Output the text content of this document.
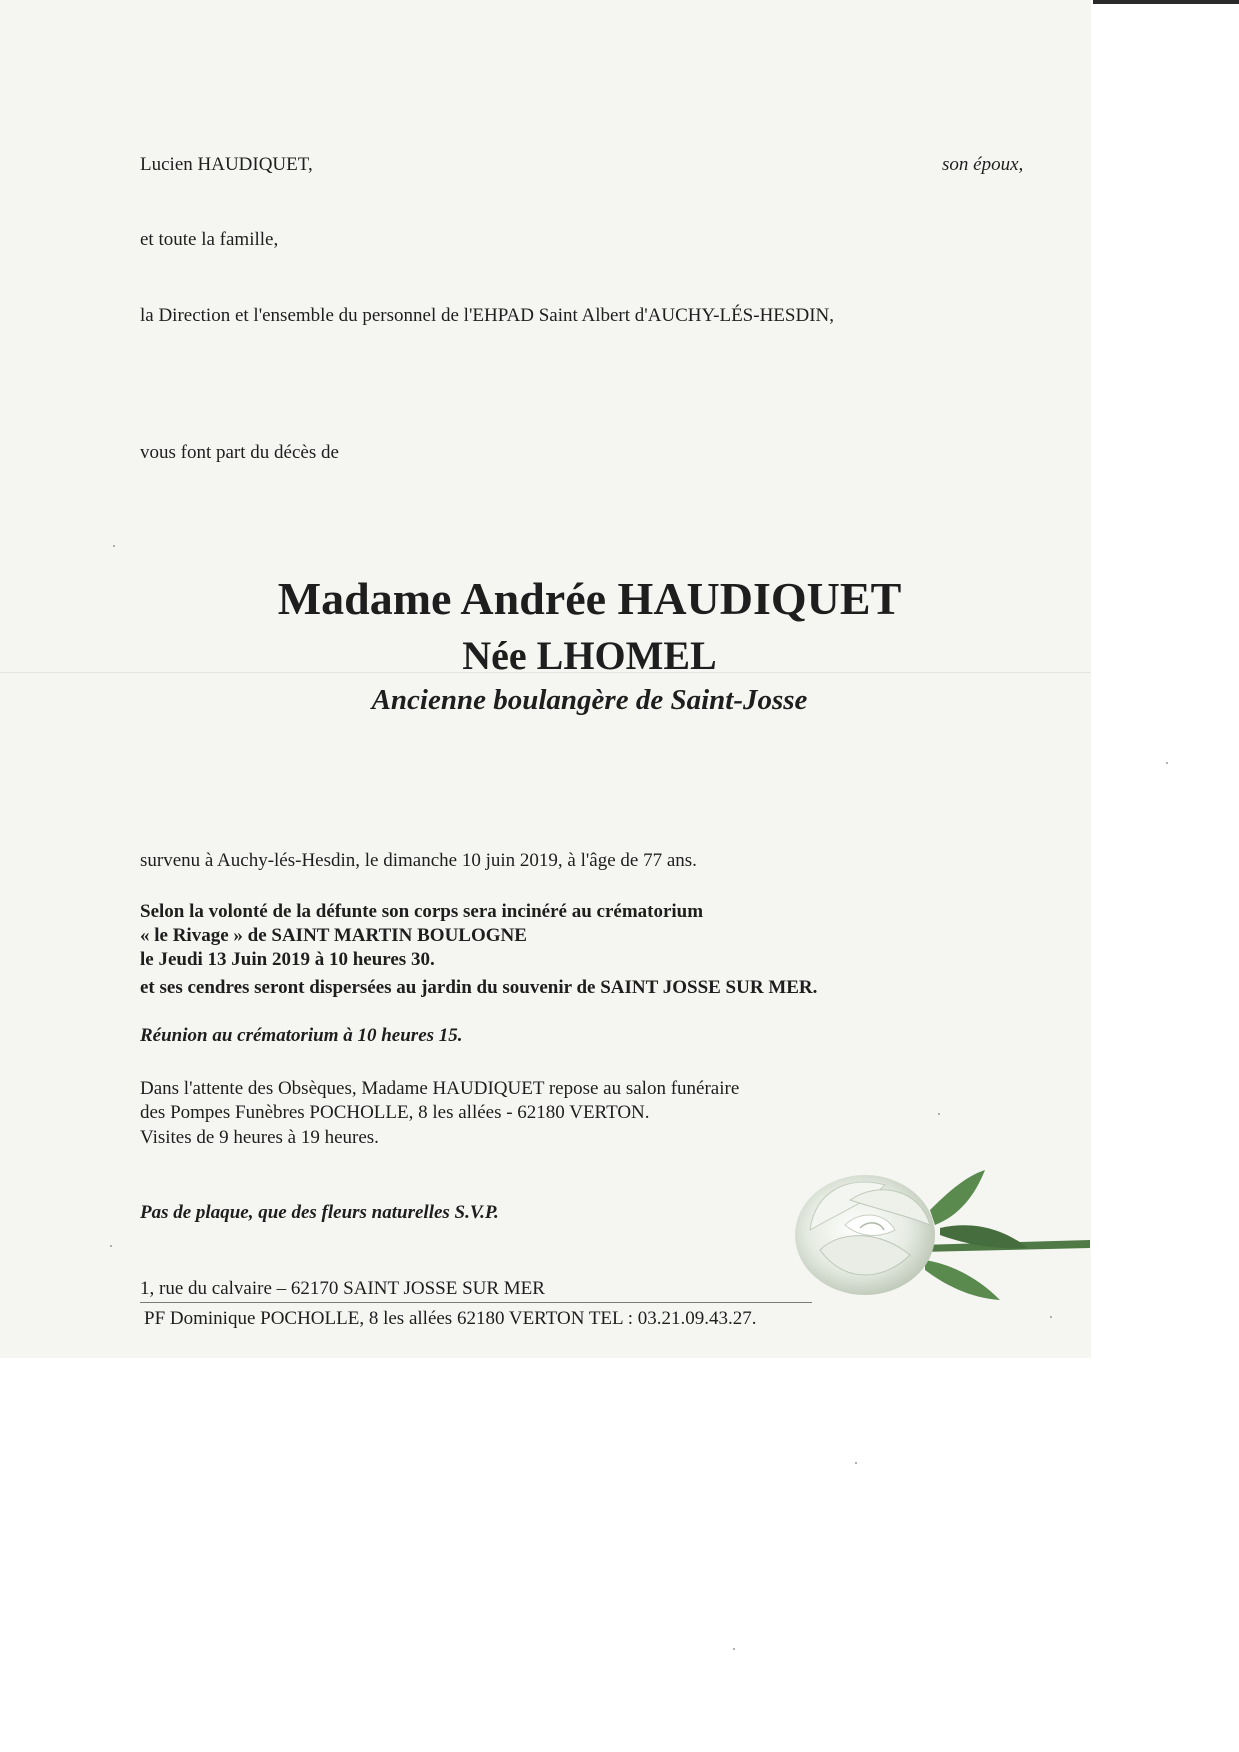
Lucien HAUDIQUET,	son époux,
et toute la famille,
la Direction et l'ensemble du personnel de l'EHPAD Saint Albert d'AUCHY-LÉS-HESDIN,
vous font part du décès de
Madame Andrée HAUDIQUET
Née LHOMEL
Ancienne boulangère de Saint-Josse
survenu à Auchy-lés-Hesdin, le dimanche 10 juin 2019, à l'âge de 77 ans.
Selon la volonté de la défunte son corps sera incinéré au crématorium
« le Rivage » de SAINT MARTIN BOULOGNE
le Jeudi 13 Juin 2019 à 10 heures 30.
et ses cendres seront dispersées au jardin du souvenir de SAINT JOSSE SUR MER.
Réunion au crématorium à 10 heures 15.
Dans l'attente des Obsèques, Madame HAUDIQUET repose au salon funéraire
des Pompes Funèbres POCHOLLE, 8 les allées - 62180 VERTON.
Visites de 9 heures à 19 heures.
Pas de plaque, que des fleurs naturelles S.V.P.
1, rue du calvaire – 62170 SAINT JOSSE SUR MER
PF Dominique POCHOLLE, 8 les allées 62180 VERTON TEL : 03.21.09.43.27.
